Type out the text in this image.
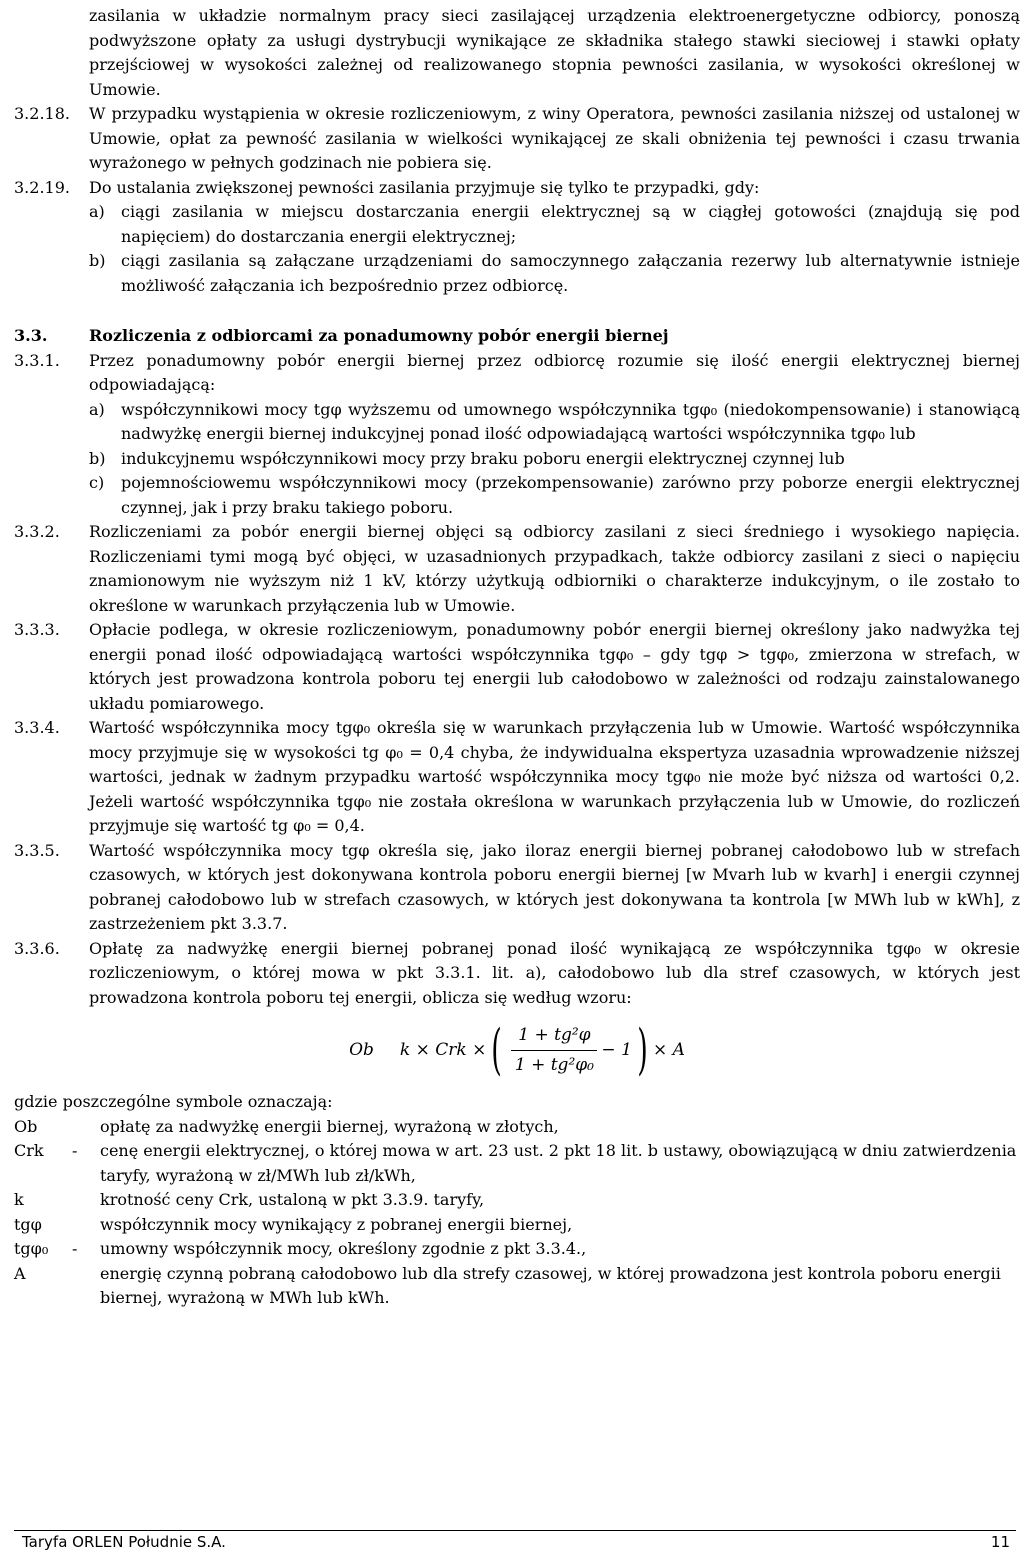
zasilania w układzie normalnym pracy sieci zasilającej urządzenia elektroenergetyczne odbiorcy, ponoszą podwyższone opłaty za usługi dystrybucji wynikające ze składnika stałego stawki sieciowej i stawki opłaty przejściowej w wysokości zależnej od realizowanego stopnia pewności zasilania, w wysokości określonej w Umowie.
3.2.18.	W przypadku wystąpienia w okresie rozliczeniowym, z winy Operatora, pewności zasilania niższej od ustalonej w Umowie, opłat za pewność zasilania w wielkości wynikającej ze skali obniżenia tej pewności i czasu trwania wyrażonego w pełnych godzinach nie pobiera się.
3.2.19.	Do ustalania zwiększonej pewności zasilania przyjmuje się tylko te przypadki, gdy:
a)	ciągi zasilania w miejscu dostarczania energii elektrycznej są w ciągłej gotowości (znajdują się pod napięciem) do dostarczania energii elektrycznej;
b) ciągi zasilania są załączane urządzeniami do samoczynnego załączania rezerwy lub alternatywnie istnieje możliwość załączania ich bezpośrednio przez odbiorcę.
3.3.	Rozliczenia z odbiorcami za ponadumowny pobór energii biernej
3.3.1.	Przez ponadumowny pobór energii biernej przez odbiorcę rozumie się ilość energii elektrycznej biernej odpowiadającą:
a)	współczynnikowi mocy tgφ wyższemu od umownego współczynnika tgφ₀ (niedokompensowanie) i stanowiącą nadwyżkę energii biernej indukcyjnej ponad ilość odpowiadającą wartości współczynnika tgφ₀ lub
b) indukcyjnemu współczynnikowi mocy przy braku poboru energii elektrycznej czynnej lub
c)	pojemnościowemu współczynnikowi mocy (przekompensowanie) zarówno przy poborze energii elektrycznej czynnej, jak i przy braku takiego poboru.
3.3.2.	Rozliczeniami za pobór energii biernej objęci są odbiorcy zasilani z sieci średniego i wysokiego napięcia. Rozliczeniami tymi mogą być objęci, w uzasadnionych przypadkach, także odbiorcy zasilani z sieci o napięciu znamionowym nie wyższym niż 1 kV, którzy użytkują odbiorniki o charakterze indukcyjnym, o ile zostało to określone w warunkach przyłączenia lub w Umowie.
3.3.3.	Opłacie podlega, w okresie rozliczeniowym, ponadumowny pobór energii biernej określony jako nadwyżka tej energii ponad ilość odpowiadającą wartości współczynnika tgφ₀ – gdy tgφ > tgφ₀, zmierzona w strefach, w których jest prowadzona kontrola poboru tej energii lub całodobowo w zależności od rodzaju zainstalowanego układu pomiarowego.
3.3.4.	Wartość współczynnika mocy tgφ₀ określa się w warunkach przyłączenia lub w Umowie. Wartość współczynnika mocy przyjmuje się w wysokości tg φ₀ = 0,4 chyba, że indywidualna ekspertyza uzasadnia wprowadzenie niższej wartości, jednak w żadnym przypadku wartość współczynnika mocy tgφ₀ nie może być niższa od wartości 0,2. Jeżeli wartość współczynnika tgφ₀ nie została określona w warunkach przyłączenia lub w Umowie, do rozliczeń przyjmuje się wartość tg φ₀ = 0,4.
3.3.5.	Wartość współczynnika mocy tgφ określa się, jako iloraz energii biernej pobranej całodobowo lub w strefach czasowych, w których jest dokonywana kontrola poboru energii biernej [w Mvarh lub w kvarh] i energii czynnej pobranej całodobowo lub w strefach czasowych, w których jest dokonywana ta kontrola [w MWh lub w kWh], z zastrzeżeniem pkt 3.3.7.
3.3.6.	Opłatę za nadwyżkę energii biernej pobranej ponad ilość wynikającą ze współczynnika tgφ₀ w okresie rozliczeniowym, o której mowa w pkt 3.3.1. lit. a), całodobowo lub dla stref czasowych, w których jest prowadzona kontrola poboru tej energii, oblicza się według wzoru:
Ob k × Crk × ( $\frac{\text{1 + tg²φ}}{\text{1 + tg²φ₀}} - 1$ ) × A
gdzie poszczególne symbole oznaczają:
Ob	opłatę za nadwyżkę energii biernej, wyrażoną w złotych,
Crk	-	cenę energii elektrycznej, o której mowa w art. 23 ust. 2 pkt 18 lit. b ustawy, obowiązującą w dniu zatwierdzenia taryfy, wyrażoną w zł/MWh lub zł/kWh,
k	krotność ceny Crk, ustaloną w pkt 3.3.9. taryfy,
tgφ	współczynnik mocy wynikający z pobranej energii biernej,
tgφ₀	-	umowny współczynnik mocy, określony zgodnie z pkt 3.3.4.,
A	energię czynną pobraną całodobowo lub dla strefy czasowej, w której prowadzona jest kontrola poboru energii biernej, wyrażoną w MWh lub kWh.
Taryfa ORLEN Południe S.A.	11
